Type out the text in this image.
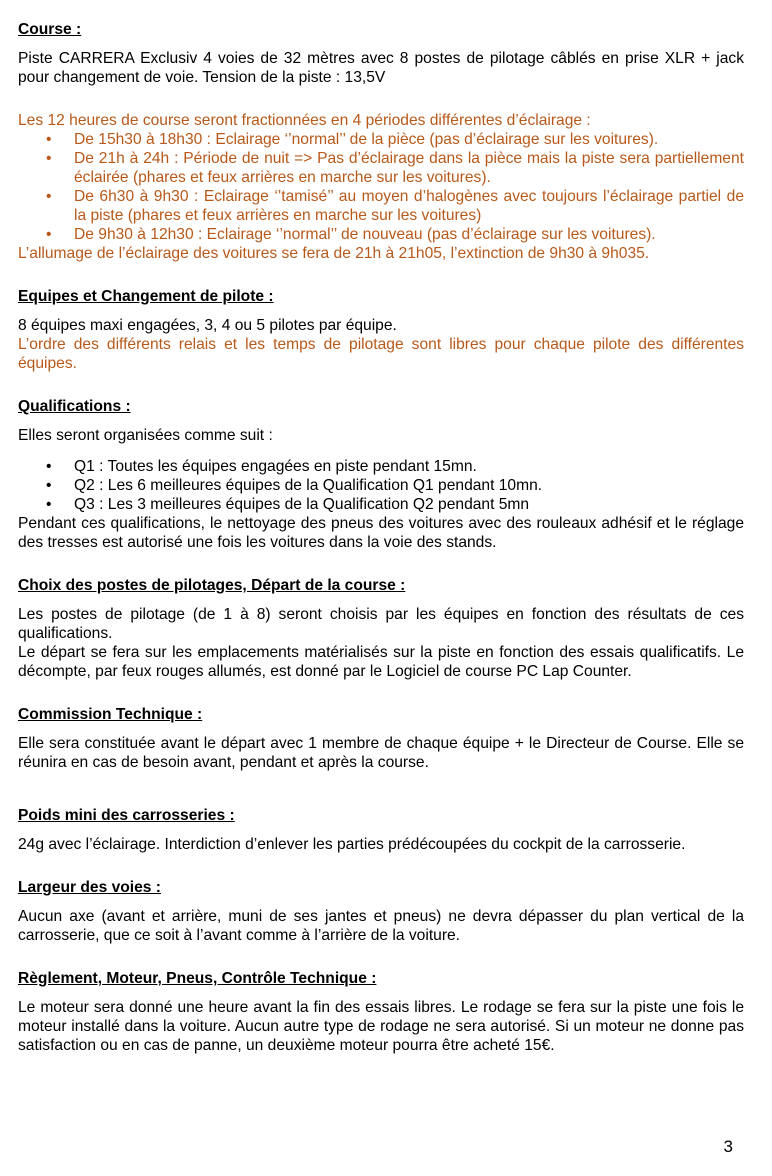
Course :

Piste CARRERA Exclusiv 4 voies de 32 mètres avec 8 postes de pilotage câblés en prise XLR + jack pour changement de voie. Tension de la piste : 13,5V

Les 12 heures de course seront fractionnées en 4 périodes différentes d’éclairage :

• De 15h30 à 18h30 : Eclairage ‘’normal’’ de la pièce (pas d’éclairage sur les voitures).
• De 21h à 24h : Période de nuit => Pas d’éclairage dans la pièce mais la piste sera partiellement éclairée (phares et feux arrières en marche sur les voitures).
• De 6h30 à 9h30 : Eclairage ‘’tamisé’’ au moyen d’halogènes avec toujours l’éclairage partiel de la piste (phares et feux arrières en marche sur les voitures)
• De 9h30 à 12h30 : Eclairage ‘’normal’’ de nouveau (pas d’éclairage sur les voitures).

L’allumage de l’éclairage des voitures se fera de 21h à 21h05, l’extinction de 9h30 à 9h035.

Equipes et Changement de pilote :

8 équipes maxi engagées, 3, 4 ou 5 pilotes par équipe.

L’ordre des différents relais et les temps de pilotage sont libres pour chaque pilote des différentes équipes.

Qualifications :

Elles seront organisées comme suit :

• Q1 : Toutes les équipes engagées en piste pendant 15mn.
• Q2 : Les 6 meilleures équipes de la Qualification Q1 pendant 10mn.
• Q3 : Les 3 meilleures équipes de la Qualification Q2 pendant 5mn

Pendant ces qualifications, le nettoyage des pneus des voitures avec des rouleaux adhésif et le réglage des tresses est autorisé une fois les voitures dans la voie des stands.

Choix des postes de pilotages, Départ de la course :

Les postes de pilotage (de 1 à 8) seront choisis par les équipes en fonction des résultats de ces qualifications.

Le départ se fera sur les emplacements matérialisés sur la piste en fonction des essais qualificatifs. Le décompte, par feux rouges allumés, est donné par le Logiciel de course PC Lap Counter.

Commission Technique :

Elle sera constituée avant le départ avec 1 membre de chaque équipe + le Directeur de Course. Elle se réunira en cas de besoin avant, pendant et après la course.

Poids mini des carrosseries :

24g avec l’éclairage. Interdiction d’enlever les parties prédécoupées du cockpit de la carrosserie.

Largeur des voies :

Aucun axe (avant et arrière, muni de ses jantes et pneus) ne devra dépasser du plan vertical de la carrosserie, que ce soit à l’avant comme à l’arrière de la voiture.

Règlement, Moteur, Pneus, Contrôle Technique :

Le moteur sera donné une heure avant la fin des essais libres. Le rodage se fera sur la piste une fois le moteur installé dans la voiture. Aucun autre type de rodage ne sera autorisé. Si un moteur ne donne pas satisfaction ou en cas de panne, un deuxième moteur pourra être acheté 15€.

3
